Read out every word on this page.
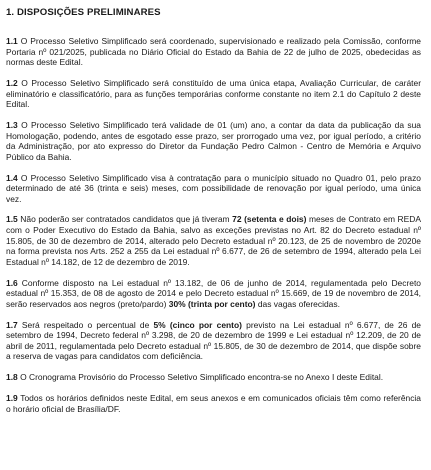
1. DISPOSIÇÕES PRELIMINARES

1.1 O Processo Seletivo Simplificado será coordenado, supervisionado e realizado pela Comissão, conforme Portaria nº 021/2025, publicada no Diário Oficial do Estado da Bahia de 22 de julho de 2025, obedecidas as normas deste Edital.

1.2 O Processo Seletivo Simplificado será constituído de uma única etapa, Avaliação Curricular, de caráter eliminatório e classificatório, para as funções temporárias conforme constante no item 2.1 do Capítulo 2 deste Edital.

1.3 O Processo Seletivo Simplificado terá validade de 01 (um) ano, a contar da data da publicação da sua Homologação, podendo, antes de esgotado esse prazo, ser prorrogado uma vez, por igual período, a critério da Administração, por ato expresso do Diretor da Fundação Pedro Calmon - Centro de Memória e Arquivo Público da Bahia.

1.4 O Processo Seletivo Simplificado visa à contratação para o município situado no Quadro 01, pelo prazo determinado de até 36 (trinta e seis) meses, com possibilidade de renovação por igual período, uma única vez.

1.5 Não poderão ser contratados candidatos que já tiveram 72 (setenta e dois) meses de Contrato em REDA com o Poder Executivo do Estado da Bahia, salvo as exceções previstas no Art. 82 do Decreto estadual nº 15.805, de 30 de dezembro de 2014, alterado pelo Decreto estadual nº 20.123, de 25 de novembro de 2020e na forma prevista nos Arts. 252 a 255 da Lei estadual nº 6.677, de 26 de setembro de 1994, alterado pela Lei Estadual nº 14.182, de 12 de dezembro de 2019.

1.6 Conforme disposto na Lei estadual nº 13.182, de 06 de junho de 2014, regulamentada pelo Decreto estadual nº 15.353, de 08 de agosto de 2014 e pelo Decreto estadual nº 15.669, de 19 de novembro de 2014, serão reservados aos negros (preto/pardo) 30% (trinta por cento) das vagas oferecidas.

1.7 Será respeitado o percentual de 5% (cinco por cento) previsto na Lei estadual nº 6.677, de 26 de setembro de 1994, Decreto federal nº 3.298, de 20 de dezembro de 1999 e Lei estadual nº 12.209, de 20 de abril de 2011, regulamentada pelo Decreto estadual nº 15.805, de 30 de dezembro de 2014, que dispõe sobre a reserva de vagas para candidatos com deficiência.

1.8 O Cronograma Provisório do Processo Seletivo Simplificado encontra-se no Anexo I deste Edital.

1.9 Todos os horários definidos neste Edital, em seus anexos e em comunicados oficiais têm como referência o horário oficial de Brasília/DF.
